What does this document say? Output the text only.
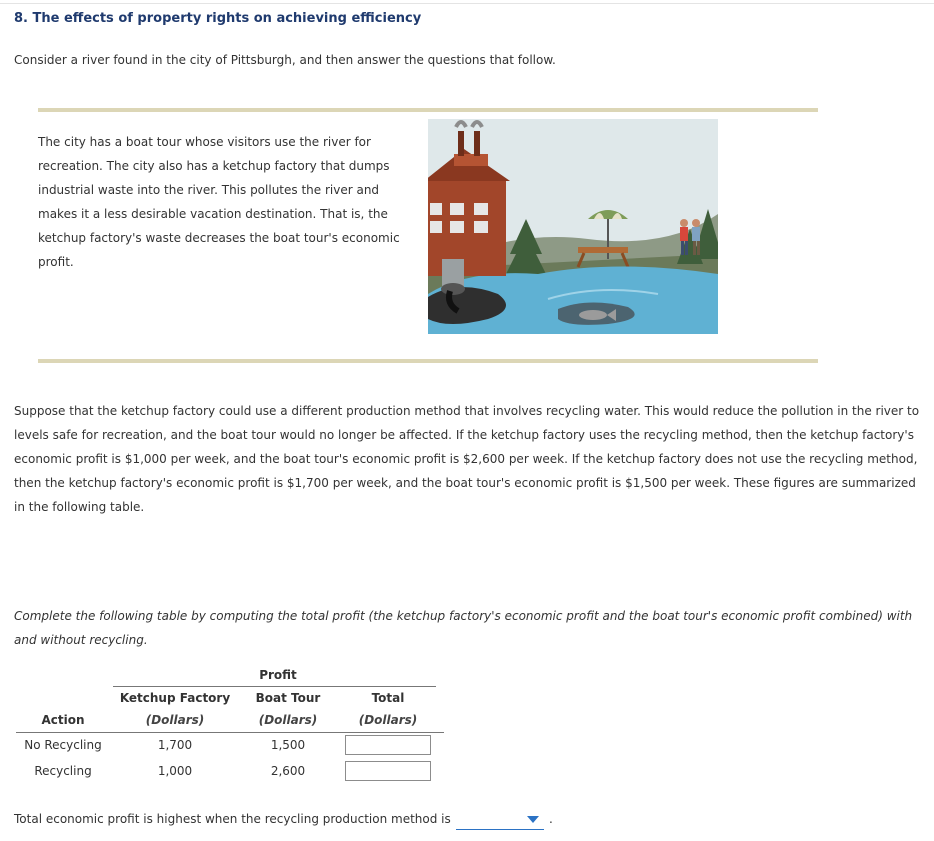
8. The effects of property rights on achieving efficiency
Consider a river found in the city of Pittsburgh, and then answer the questions that follow.
The city has a boat tour whose visitors use the river for recreation. The city also has a ketchup factory that dumps industrial waste into the river. This pollutes the river and makes it a less desirable vacation destination. That is, the ketchup factory's waste decreases the boat tour's economic profit.
Suppose that the ketchup factory could use a different production method that involves recycling water. This would reduce the pollution in the river to levels safe for recreation, and the boat tour would no longer be affected. If the ketchup factory uses the recycling method, then the ketchup factory's economic profit is $1,000 per week, and the boat tour's economic profit is $2,600 per week. If the ketchup factory does not use the recycling method, then the ketchup factory's economic profit is $1,700 per week, and the boat tour's economic profit is $1,500 per week. These figures are summarized in the following table.
Complete the following table by computing the total profit (the ketchup factory's economic profit and the boat tour's economic profit combined) with and without recycling.
Profit
Ketchup Factory	Boat Tour	Total
Action	(Dollars)	(Dollars)	(Dollars)
No Recycling	1,700	1,500
Recycling	1,000	2,600
Total economic profit is highest when the recycling production method is	.
